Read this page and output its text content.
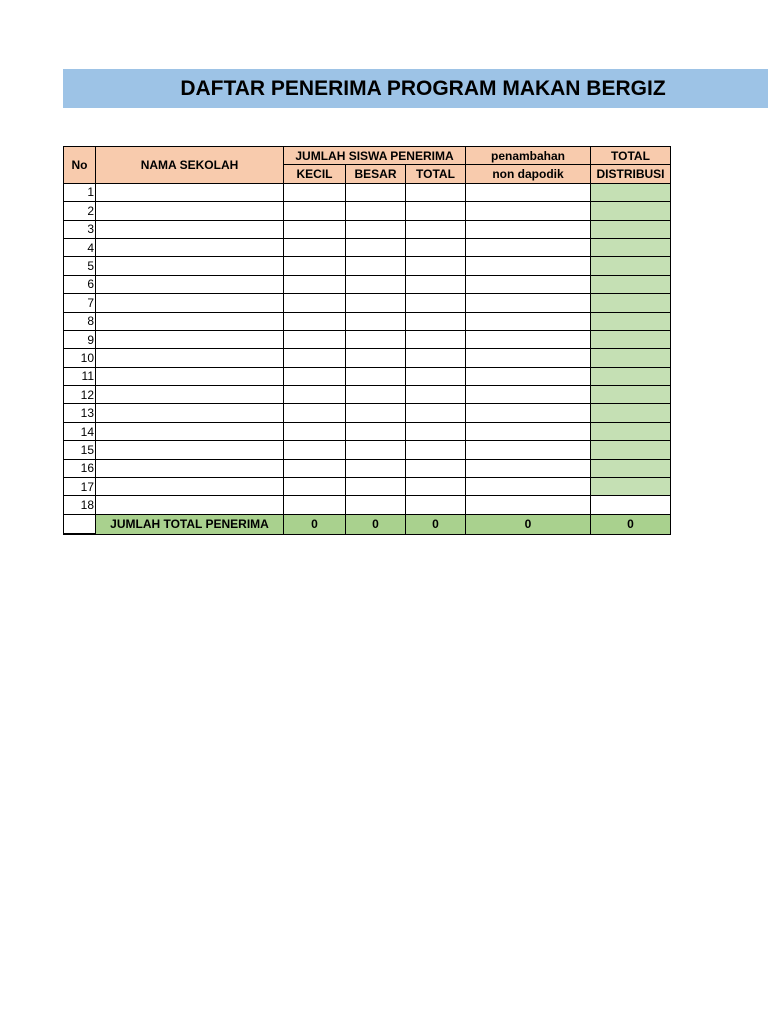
DAFTAR PENERIMA PROGRAM MAKAN BERGIZ
No	NAMA SEKOLAH	JUMLAH SISWA PENERIMA			penambahan	TOTAL
		KECIL	BESAR	TOTAL	non dapodik	DISTRIBUSI
1						
2						
3						
4						
5						
6						
7						
8						
9						
10						
11						
12						
13						
14						
15						
16						
17						
18						

	JUMLAH TOTAL PENERIMA	0	0	0	0	0
